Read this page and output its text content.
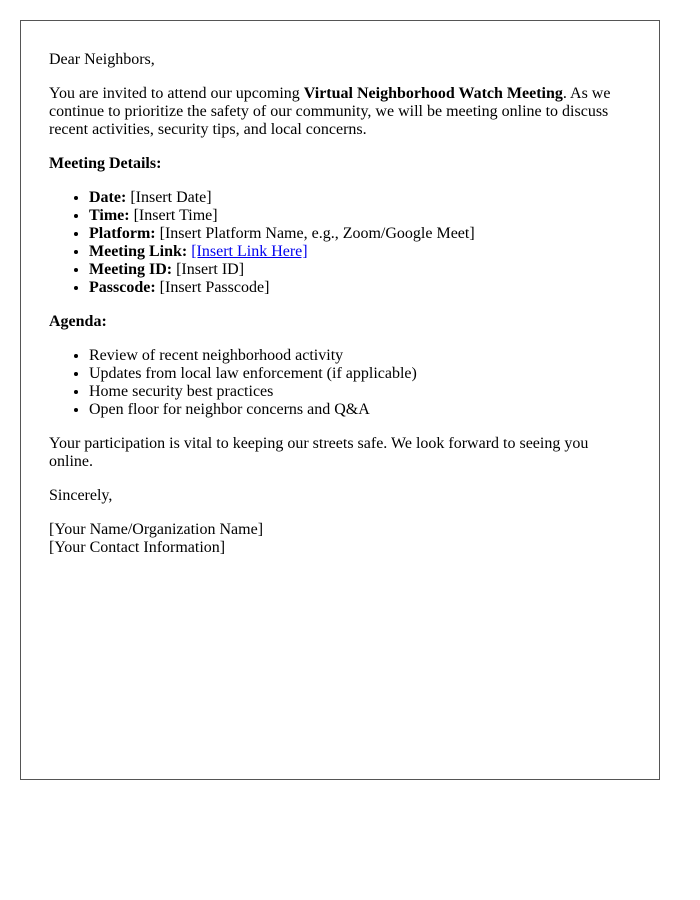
Dear Neighbors,

You are invited to attend our upcoming Virtual Neighborhood Watch Meeting. As we continue to prioritize the safety of our community, we will be meeting online to discuss recent activities, security tips, and local concerns.

Meeting Details:
• Date: [Insert Date]
• Time: [Insert Time]
• Platform: [Insert Platform Name, e.g., Zoom/Google Meet]
• Meeting Link: [Insert Link Here]
• Meeting ID: [Insert ID]
• Passcode: [Insert Passcode]
Agenda:
• Review of recent neighborhood activity
• Updates from local law enforcement (if applicable)
• Home security best practices
• Open floor for neighbor concerns and Q&A

Your participation is vital to keeping our streets safe. We look forward to seeing you online.

Sincerely,

[Your Name/Organization Name]
[Your Contact Information]
